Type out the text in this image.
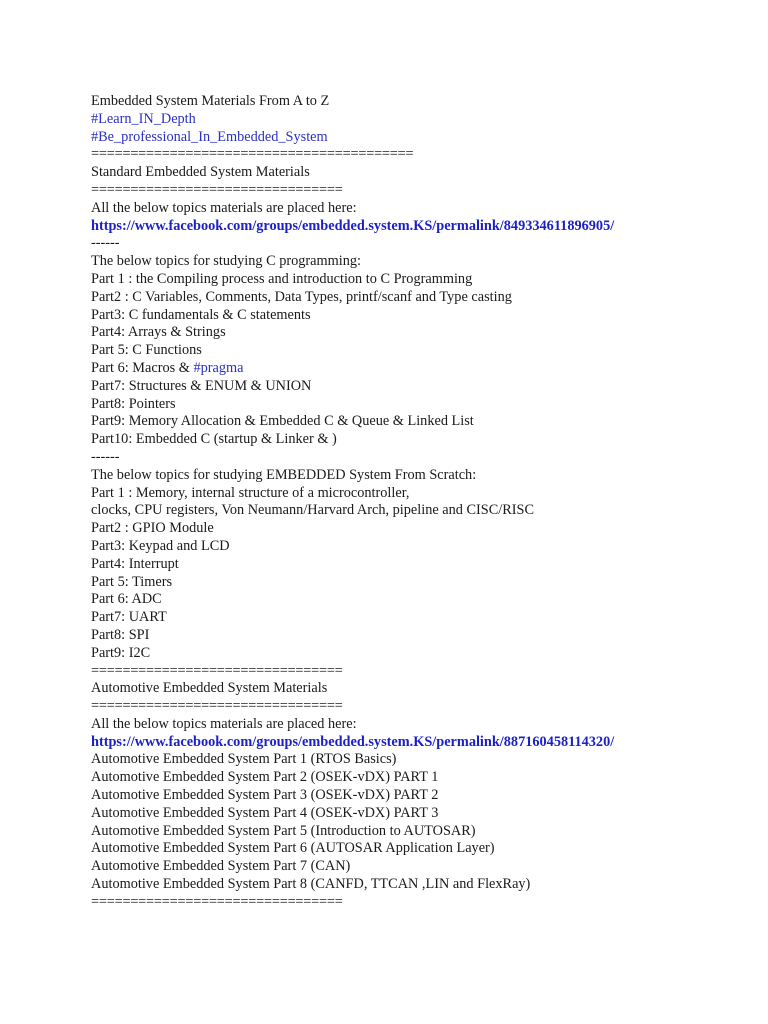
Embedded System Materials From A to Z
#Learn_IN_Depth
#Be_professional_In_Embedded_System
=========================================
Standard Embedded System Materials
================================
All the below topics materials are placed here:
https://www.facebook.com/groups/embedded.system.KS/permalink/849334611896905/
------
The below topics for studying C programming:
Part 1 : the Compiling process and introduction to C Programming
Part2 : C Variables, Comments, Data Types, printf/scanf and Type casting
Part3: C fundamentals & C statements
Part4: Arrays & Strings
Part 5: C Functions
Part 6: Macros & #pragma
Part7: Structures & ENUM & UNION
Part8: Pointers
Part9: Memory Allocation & Embedded C & Queue & Linked List
Part10: Embedded C (startup & Linker & )
------
The below topics for studying EMBEDDED System From Scratch:
Part 1 : Memory, internal structure of a microcontroller,
clocks, CPU registers, Von Neumann/Harvard Arch, pipeline and CISC/RISC
Part2 : GPIO Module
Part3: Keypad and LCD
Part4: Interrupt
Part 5: Timers
Part 6: ADC
Part7: UART
Part8: SPI
Part9: I2C
================================
Automotive Embedded System Materials
================================
All the below topics materials are placed here:
https://www.facebook.com/groups/embedded.system.KS/permalink/887160458114320/
Automotive Embedded System Part 1 (RTOS Basics)
Automotive Embedded System Part 2 (OSEK-vDX) PART 1
Automotive Embedded System Part 3 (OSEK-vDX) PART 2
Automotive Embedded System Part 4 (OSEK-vDX) PART 3
Automotive Embedded System Part 5 (Introduction to AUTOSAR)
Automotive Embedded System Part 6 (AUTOSAR Application Layer)
Automotive Embedded System Part 7 (CAN)
Automotive Embedded System Part 8 (CANFD, TTCAN ,LIN and FlexRay)
================================
